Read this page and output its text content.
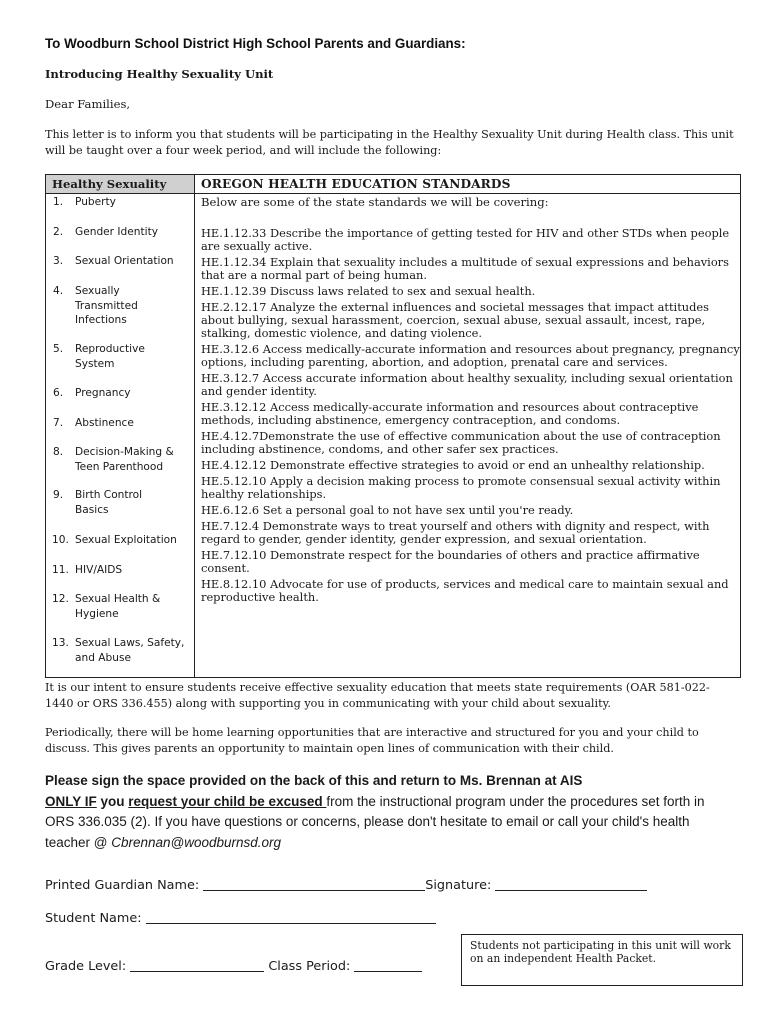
To Woodburn School District High School Parents and Guardians:
Introducing Healthy Sexuality Unit
Dear Families,
This letter is to inform you that students will be participating in the Healthy Sexuality Unit during Health class. This unit will be taught over a four week period, and will include the following:
Healthy Sexuality
1. Puberty
2. Gender Identity
3. Sexual Orientation
4. Sexually Transmitted Infections
5. Reproductive System
6. Pregnancy
7. Abstinence
8. Decision-Making & Teen Parenthood
9. Birth Control Basics
10. Sexual Exploitation
11. HIV/AIDS
12. Sexual Health & Hygiene
13. Sexual Laws, Safety, and Abuse
OREGON HEALTH EDUCATION STANDARDS
Below are some of the state standards we will be covering:
HE.1.12.33 Describe the importance of getting tested for HIV and other STDs when people are sexually active.
HE.1.12.34 Explain that sexuality includes a multitude of sexual expressions and behaviors that are a normal part of being human.
HE.1.12.39 Discuss laws related to sex and sexual health.
HE.2.12.17 Analyze the external influences and societal messages that impact attitudes about bullying, sexual harassment, coercion, sexual abuse, sexual assault, incest, rape, stalking, domestic violence, and dating violence.
HE.3.12.6 Access medically-accurate information and resources about pregnancy, pregnancy options, including parenting, abortion, and adoption, prenatal care and services.
HE.3.12.7 Access accurate information about healthy sexuality, including sexual orientation and gender identity.
HE.3.12.12 Access medically-accurate information and resources about contraceptive methods, including abstinence, emergency contraception, and condoms.
HE.4.12.7Demonstrate the use of effective communication about the use of contraception including abstinence, condoms, and other safer sex practices.
HE.4.12.12 Demonstrate effective strategies to avoid or end an unhealthy relationship.
HE.5.12.10 Apply a decision making process to promote consensual sexual activity within healthy relationships.
HE.6.12.6 Set a personal goal to not have sex until you're ready.
HE.7.12.4 Demonstrate ways to treat yourself and others with dignity and respect, with regard to gender, gender identity, gender expression, and sexual orientation.
HE.7.12.10 Demonstrate respect for the boundaries of others and practice affirmative consent.
HE.8.12.10 Advocate for use of products, services and medical care to maintain sexual and reproductive health.
It is our intent to ensure students receive effective sexuality education that meets state requirements (OAR 581-022-1440 or ORS 336.455) along with supporting you in communicating with your child about sexuality.
Periodically, there will be home learning opportunities that are interactive and structured for you and your child to discuss. This gives parents an opportunity to maintain open lines of communication with their child.
Please sign the space provided on the back of this and return to Ms. Brennan at AIS
ONLY IF you request your child be excused from the instructional program under the procedures set forth in ORS 336.035 (2). If you have questions or concerns, please don't hesitate to email or call your child's health teacher @ Cbrennan@woodburnsd.org
Printed Guardian Name:	Signature:
Student Name:
Grade Level:	Class Period:
Students not participating in this unit will work on an independent Health Packet.
